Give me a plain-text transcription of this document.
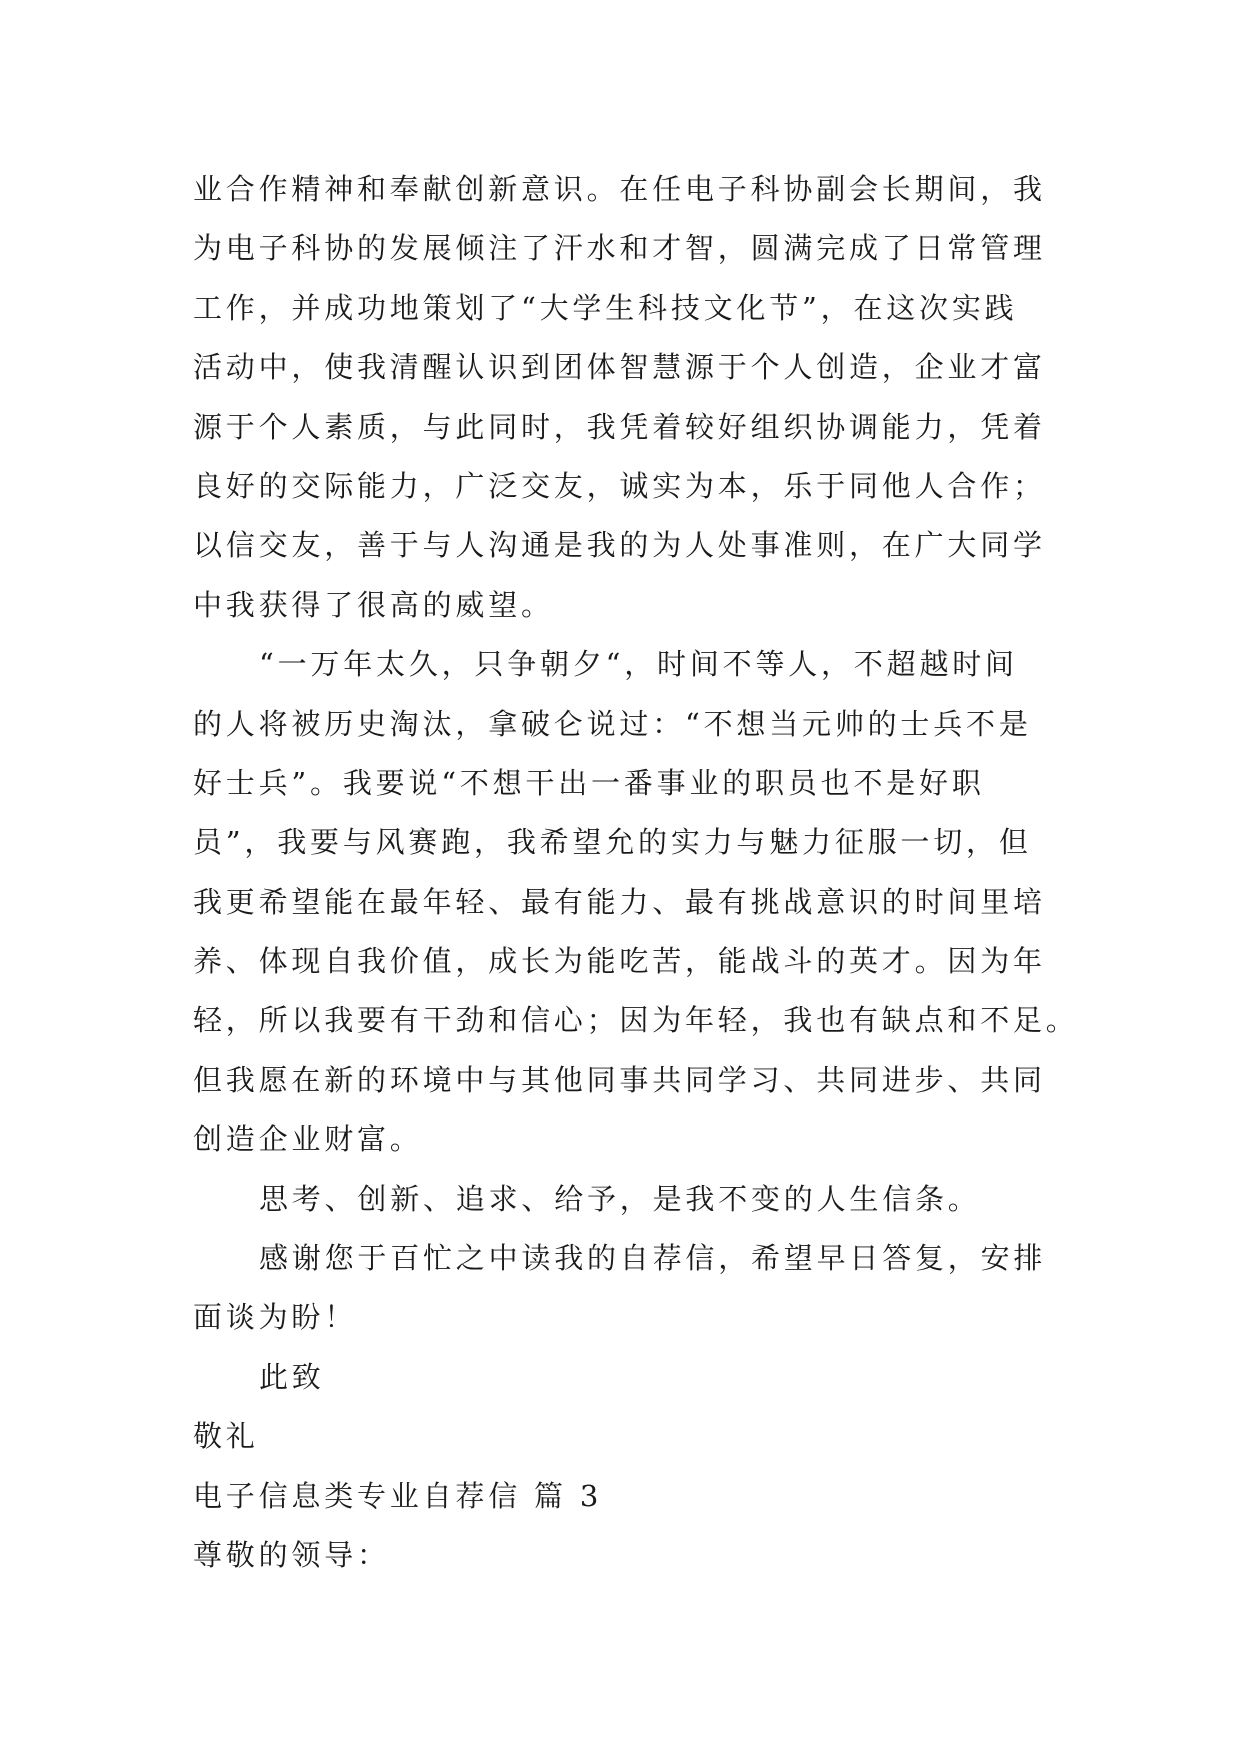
业合作精神和奉献创新意识。在任电子科协副会长期间，我
为电子科协的发展倾注了汗水和才智，圆满完成了日常管理
工作，并成功地策划了“大学生科技文化节”，在这次实践
活动中，使我清醒认识到团体智慧源于个人创造，企业才富
源于个人素质，与此同时，我凭着较好组织协调能力，凭着
良好的交际能力，广泛交友，诚实为本，乐于同他人合作；
以信交友，善于与人沟通是我的为人处事准则，在广大同学
中我获得了很高的威望。
“一万年太久，只争朝夕“，时间不等人，不超越时间
的人将被历史淘汰，拿破仑说过：“不想当元帅的士兵不是
好士兵”。我要说“不想干出一番事业的职员也不是好职
员”，我要与风赛跑，我希望允的实力与魅力征服一切，但
我更希望能在最年轻、最有能力、最有挑战意识的时间里培
养、体现自我价值，成长为能吃苦，能战斗的英才。因为年
轻，所以我要有干劲和信心；因为年轻，我也有缺点和不足。
但我愿在新的环境中与其他同事共同学习、共同进步、共同
创造企业财富。
思考、创新、追求、给予，是我不变的人生信条。
感谢您于百忙之中读我的自荐信，希望早日答复，安排
面谈为盼！
此致
敬礼
电子信息类专业自荐信 篇 3
尊敬的领导：
